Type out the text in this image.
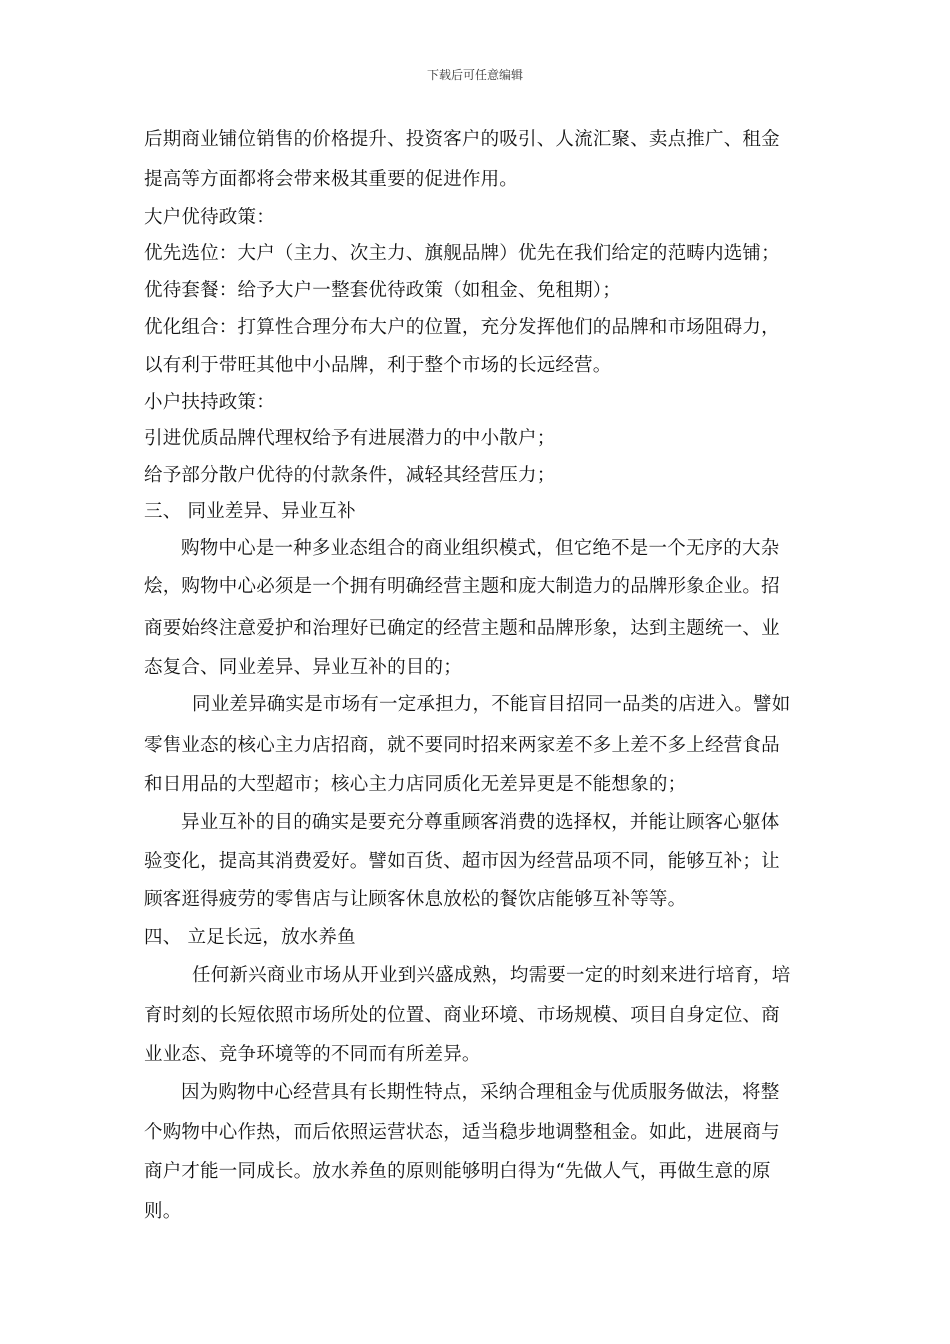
下载后可任意编辑
后期商业铺位销售的价格提升、投资客户的吸引、人流汇聚、卖点推广、租金
提高等方面都将会带来极其重要的促进作用。
大户优待政策：
优先选位：大户（主力、次主力、旗舰品牌）优先在我们给定的范畴内选铺；
优待套餐：给予大户一整套优待政策（如租金、免租期）；
优化组合：打算性合理分布大户的位置，充分发挥他们的品牌和市场阻碍力，
以有利于带旺其他中小品牌，利于整个市场的长远经营。
小户扶持政策：
引进优质品牌代理权给予有进展潜力的中小散户；
给予部分散户优待的付款条件，减轻其经营压力；
三、 同业差异、异业互补
购物中心是一种多业态组合的商业组织模式，但它绝不是一个无序的大杂
烩，购物中心必须是一个拥有明确经营主题和庞大制造力的品牌形象企业。招
商要始终注意爱护和治理好已确定的经营主题和品牌形象，达到主题统一、业
态复合、同业差异、异业互补的目的；
同业差异确实是市场有一定承担力，不能盲目招同一品类的店进入。譬如
零售业态的核心主力店招商，就不要同时招来两家差不多上差不多上经营食品
和日用品的大型超市；核心主力店同质化无差异更是不能想象的；
异业互补的目的确实是要充分尊重顾客消费的选择权，并能让顾客心躯体
验变化，提高其消费爱好。譬如百货、超市因为经营品项不同，能够互补；让
顾客逛得疲劳的零售店与让顾客休息放松的餐饮店能够互补等等。
四、 立足长远，放水养鱼
任何新兴商业市场从开业到兴盛成熟，均需要一定的时刻来进行培育，培
育时刻的长短依照市场所处的位置、商业环境、市场规模、项目自身定位、商
业业态、竞争环境等的不同而有所差异。
因为购物中心经营具有长期性特点，采纳合理租金与优质服务做法，将整
个购物中心作热，而后依照运营状态，适当稳步地调整租金。如此，进展商与
商户才能一同成长。放水养鱼的原则能够明白得为“先做人气，再做生意的原
则。
